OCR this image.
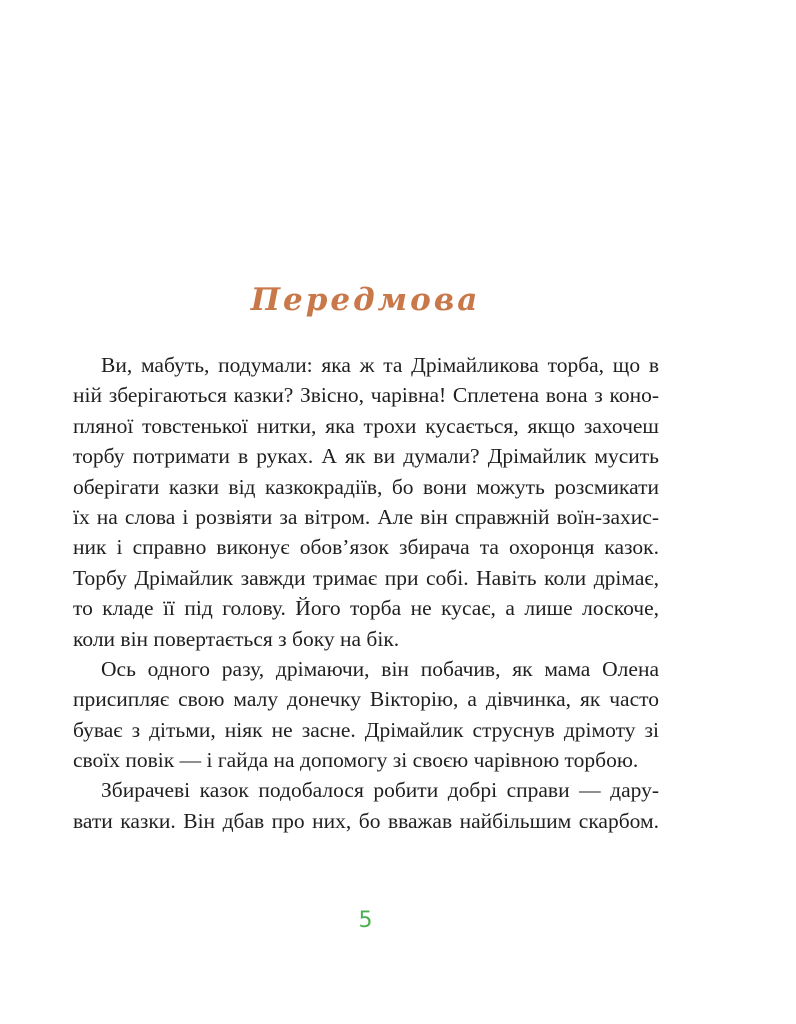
Передмова
Ви, мабуть, подумали: яка ж та Дрімайликова торба, що в
ній зберігаються казки? Звісно, чарівна! Сплетена вона з коно-
пляної товстенької нитки, яка трохи кусається, якщо захочеш
торбу потримати в руках. А як ви думали? Дрімайлик мусить
оберігати казки від казкокрадіїв, бо вони можуть розсмикати
їх на слова і розвіяти за вітром. Але він справжній воїн-захис-
ник і справно виконує обов’язок збирача та охоронця казок.
Торбу Дрімайлик завжди тримає при собі. Навіть коли дрімає,
то кладе її під голову. Його торба не кусає, а лише лоскоче,
коли він повертається з боку на бік.
Ось одного разу, дрімаючи, він побачив, як мама Олена
присипляє свою малу донечку Вікторію, а дівчинка, як часто
буває з дітьми, ніяк не засне. Дрімайлик струснув дрімоту зі
своїх повік — і гайда на допомогу зі своєю чарівною торбою.
Збирачеві казок подобалося робити добрі справи — дару-
вати казки. Він дбав про них, бо вважав найбільшим скарбом.
5
